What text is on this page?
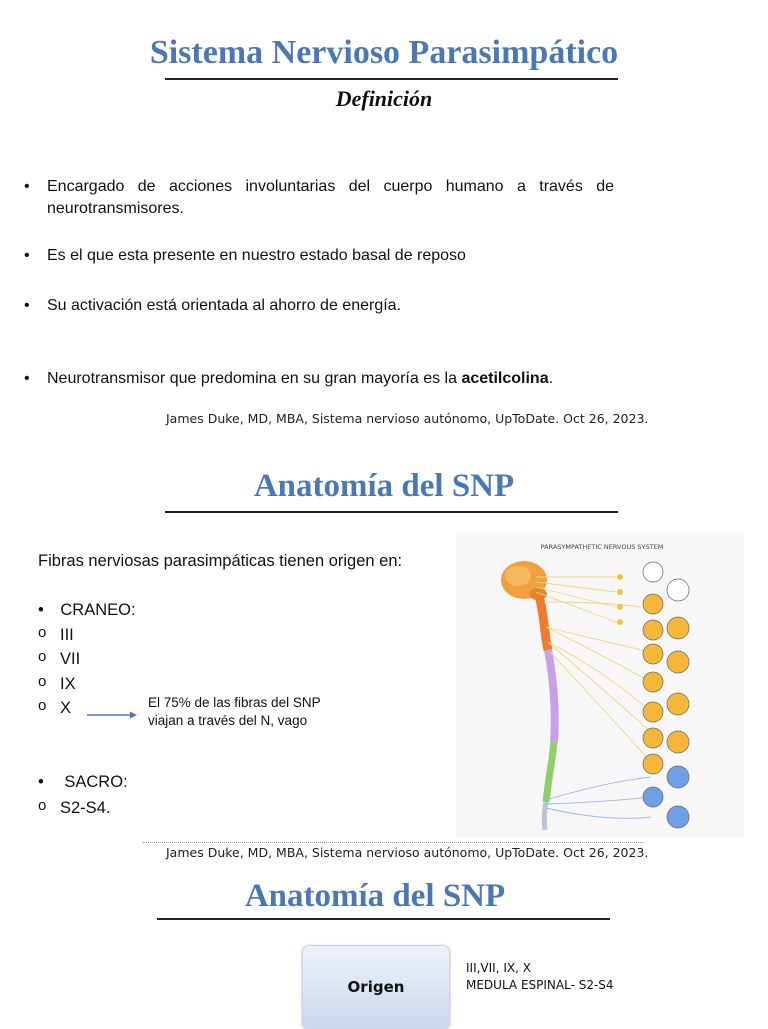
Sistema Nervioso Parasimpático
Definición
• Encargado de acciones involuntarias del cuerpo humano a través de neurotransmisores.
• Es el que esta presente en nuestro estado basal de reposo
• Su activación está orientada al ahorro de energía.
• Neurotransmisor que predomina en su gran mayoría es la acetilcolina.
James Duke, MD, MBA, Sistema nervioso autónomo, UpToDate. Oct 26, 2023.
Anatomía del SNP
Fibras nerviosas parasimpáticas tienen origen en:
• CRANEO:
o III
o VII
o IX
o X	El 75% de las fibras del SNP
viajan a través del N, vago
• SACRO:
o S2-S4.
PARASYMPATHETIC NERVOUS SYSTEM
James Duke, MD, MBA, Sistema nervioso autónomo, UpToDate. Oct 26, 2023.
Anatomía del SNP
Origen
III,VII, IX, X
MEDULA ESPINAL- S2-S4
